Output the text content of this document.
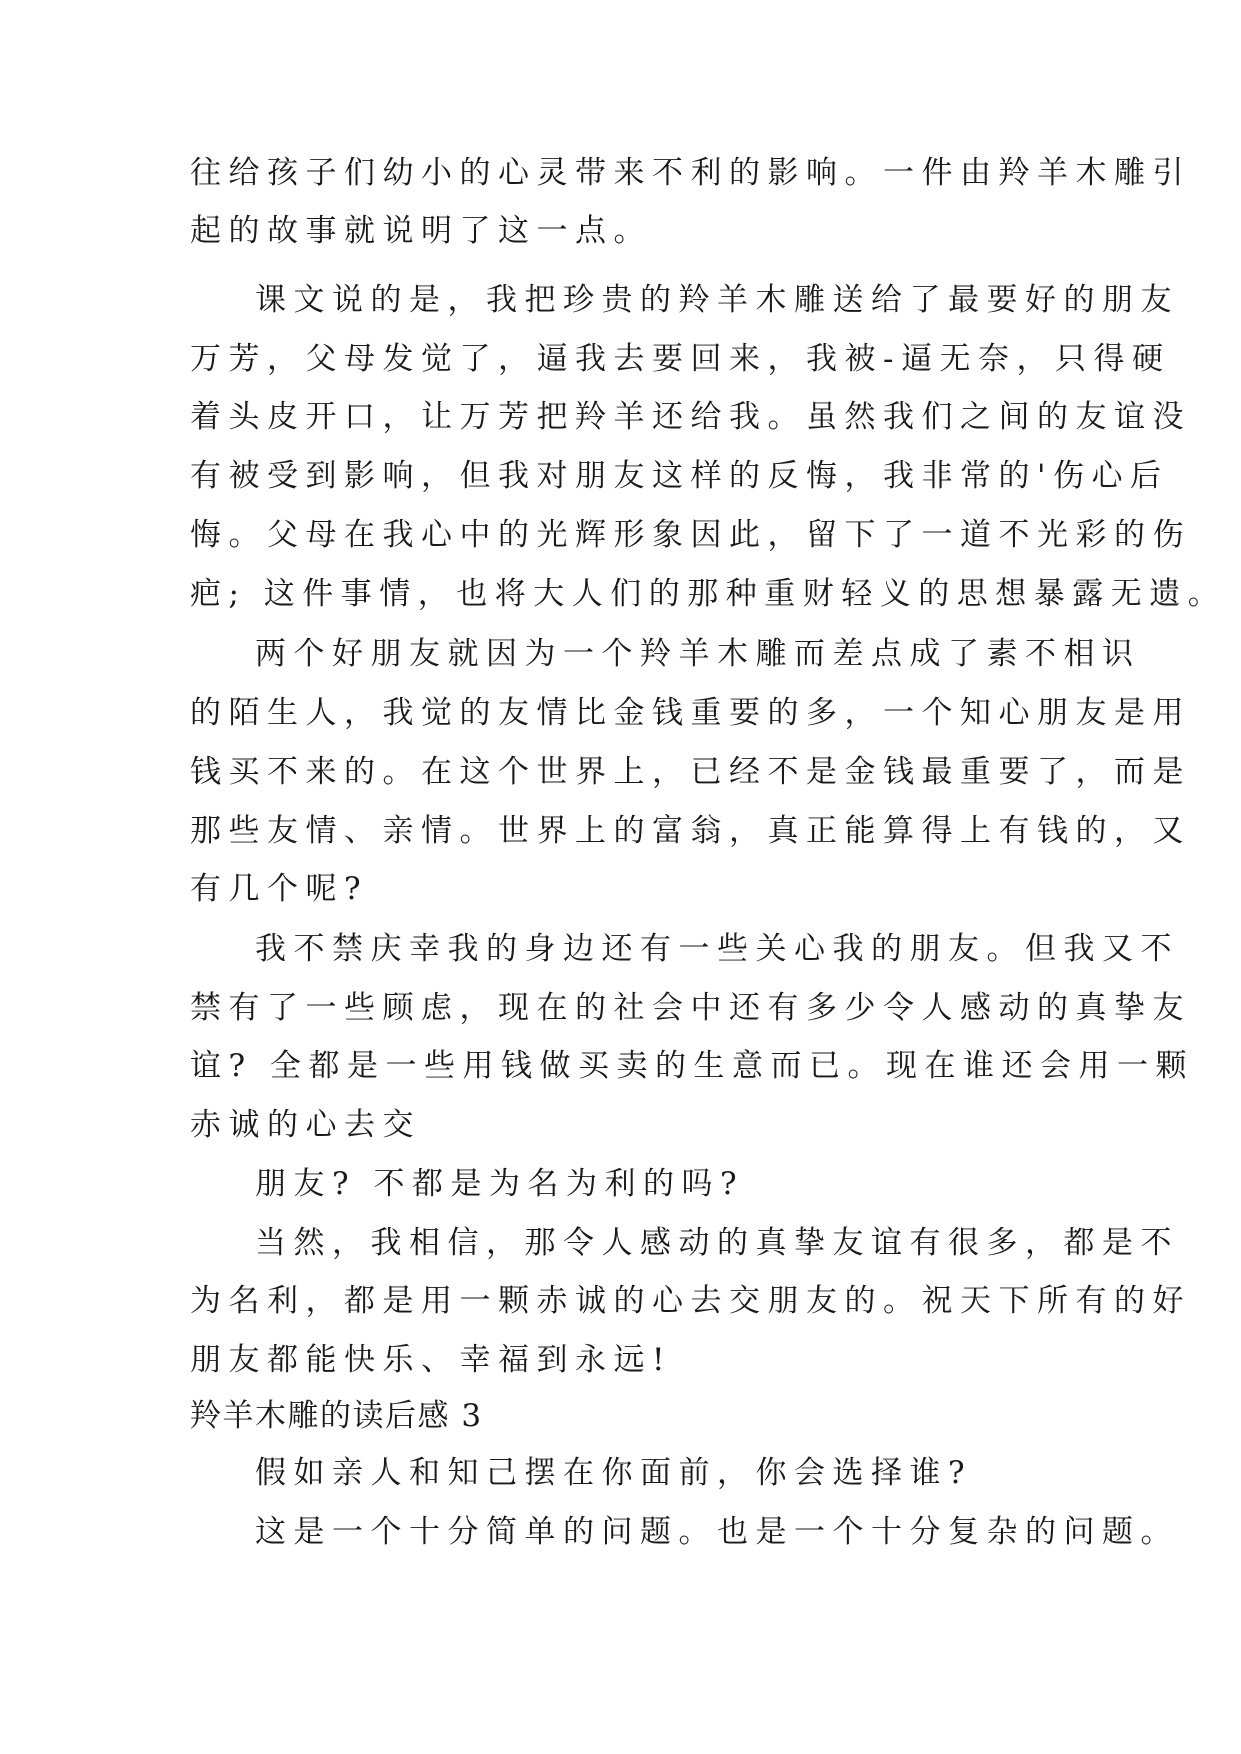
往给孩子们幼小的心灵带来不利的影响。一件由羚羊木雕引
起的故事就说明了这一点。
课文说的是，我把珍贵的羚羊木雕送给了最要好的朋友
万芳，父母发觉了，逼我去要回来，我被-逼无奈，只得硬
着头皮开口，让万芳把羚羊还给我。虽然我们之间的友谊没
有被受到影响，但我对朋友这样的反悔，我非常的'伤心后
悔。父母在我心中的光辉形象因此，留下了一道不光彩的伤
疤; 这件事情，也将大人们的那种重财轻义的思想暴露无遗。
两个好朋友就因为一个羚羊木雕而差点成了素不相识
的陌生人，我觉的友情比金钱重要的多，一个知心朋友是用
钱买不来的。在这个世界上，已经不是金钱最重要了，而是
那些友情、亲情。世界上的富翁，真正能算得上有钱的，又
有几个呢?
我不禁庆幸我的身边还有一些关心我的朋友。但我又不
禁有了一些顾虑，现在的社会中还有多少令人感动的真挚友
谊? 全都是一些用钱做买卖的生意而已。现在谁还会用一颗
赤诚的心去交
朋友? 不都是为名为利的吗?
当然，我相信，那令人感动的真挚友谊有很多，都是不
为名利，都是用一颗赤诚的心去交朋友的。祝天下所有的好
朋友都能快乐、幸福到永远!
羚羊木雕的读后感 3
假如亲人和知己摆在你面前，你会选择谁?
这是一个十分简单的问题。也是一个十分复杂的问题。
